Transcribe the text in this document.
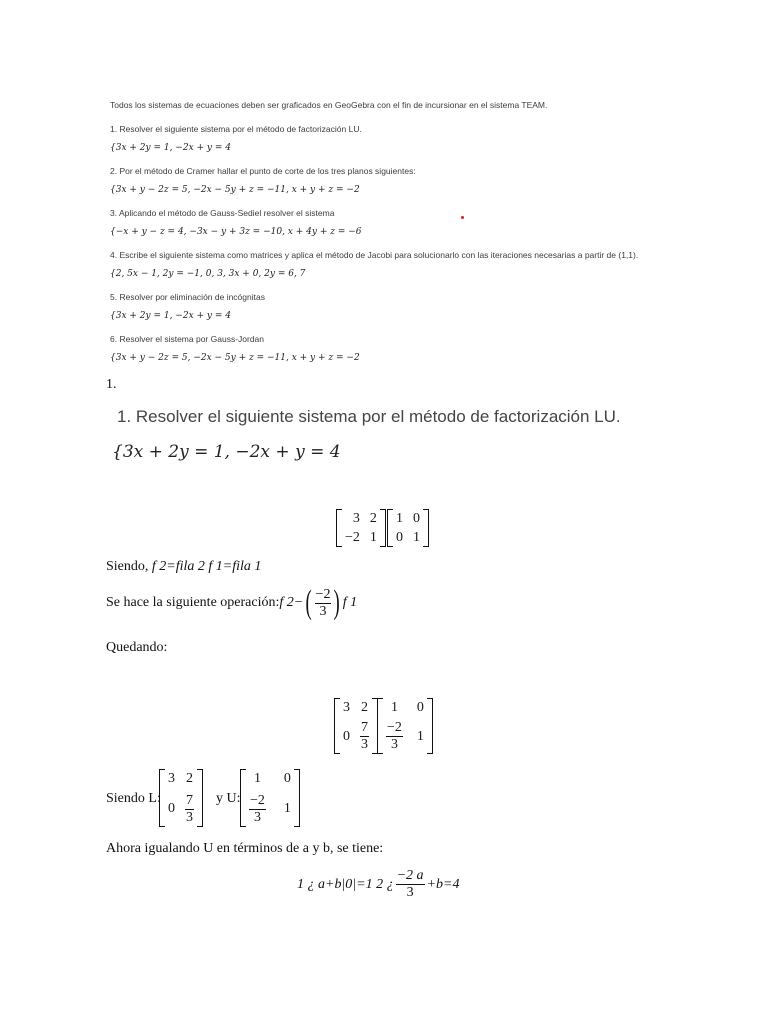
Todos los sistemas de ecuaciones deben ser graficados en GeoGebra con el fin de incursionar en el sistema TEAM.
1. Resolver el siguiente sistema por el método de factorización LU.
{3x + 2y = 1, −2x + y = 4
2. Por el método de Cramer hallar el punto de corte de los tres planos siguientes:
{3x + y − 2z = 5, −2x − 5y + z = −11, x + y + z = −2
3. Aplicando el método de Gauss-Sediel resolver el sistema
{−x + y − z = 4, −3x − y + 3z = −10, x + 4y + z = −6
4. Escribe el siguiente sistema como matrices y aplica el método de Jacobi para solucionarlo con las iteraciones necesarias a partir de (1,1).
{2, 5x − 1, 2y = −1, 0, 3, 3x + 0, 2y = 6, 7
5. Resolver por eliminación de incógnitas
{3x + 2y = 1, −2x + y = 4
6. Resolver el sistema por Gauss-Jordan
{3x + y − 2z = 5, −2x − 5y + z = −11, x + y + z = −2
1.
1. Resolver el siguiente sistema por el método de factorización LU.
{3x + 2y = 1, −2x + y = 4
3 2
−2 1
1 0
0 1
Siendo, f 2=fila 2 f 1=fila 1
Se hace la siguiente operación: f 2− ( $\frac{-2}{3}$ ) f 1
Quedando:
3 2
$0 \frac{7}{3}$
1 0
$\frac{-2}{3} 1$
Siendo L:
3 2
$0 \frac{7}{3}$ y U:
1 0
$\frac{-2}{3} 1$
Ahora igualando U en términos de a y b, se tiene:
1 ¿ a+b|0|=1 2 ¿ $\frac{-2 a}{3} +b=4$
